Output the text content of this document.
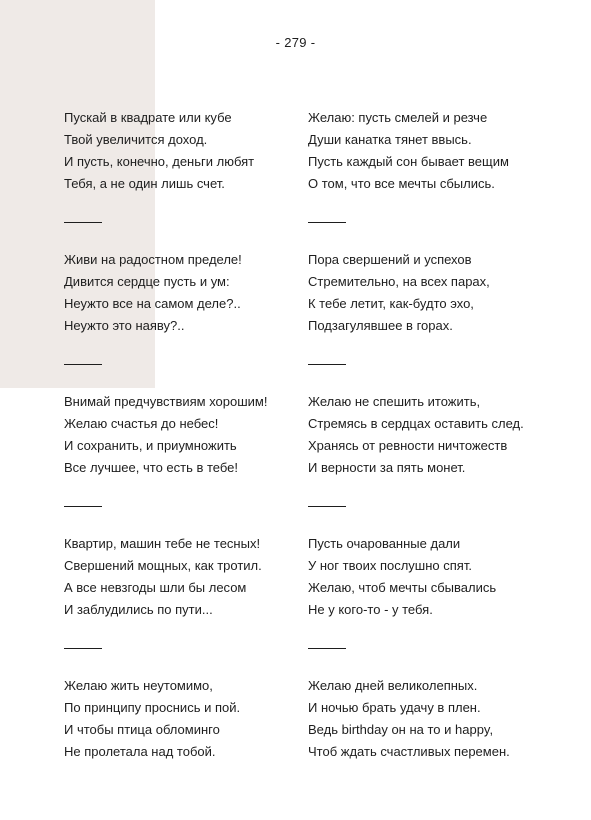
- 279 -
Пускай в квадрате или кубе
Твой увеличится доход.
И пусть, конечно, деньги любят
Тебя, а не один лишь счет.
Живи на радостном пределе!
Дивится сердце пусть и ум:
Неужто все на самом деле?..
Неужто это наяву?..
Внимай предчувствиям хорошим!
Желаю счастья до небес!
И сохранить, и приумножить
Все лучшее, что есть в тебе!
Квартир, машин тебе не тесных!
Свершений мощных, как тротил.
А все невзгоды шли бы лесом
И заблудились по пути...
Желаю жить неутомимо,
По принципу проснись и пой.
И чтобы птица обломинго
Не пролетала над тобой.
Желаю: пусть смелей и резче
Души канатка тянет ввысь.
Пусть каждый сон бывает вещим
О том, что все мечты сбылись.
Пора свершений и успехов
Стремительно, на всех парах,
К тебе летит, как-будто эхо,
Подзагулявшее в горах.
Желаю не спешить итожить,
Стремясь в сердцах оставить след.
Хранясь от ревности ничтожеств
И верности за пять монет.
Пусть очарованные дали
У ног твоих послушно спят.
Желаю, чтоб мечты сбывались
Не у кого-то - у тебя.
Желаю дней великолепных.
И ночью брать удачу в плен.
Ведь birthday он на то и happy,
Чтоб ждать счастливых перемен.
